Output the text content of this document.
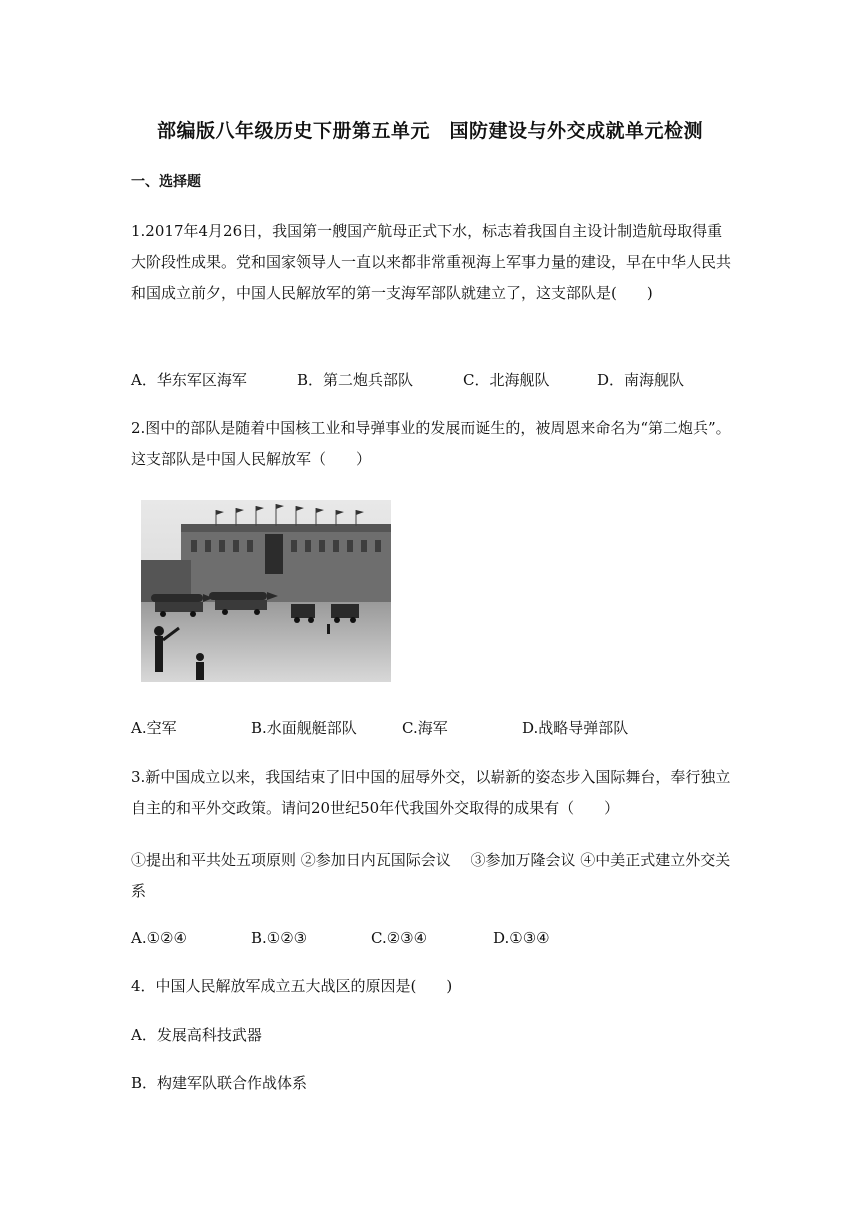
部编版八年级历史下册第五单元　国防建设与外交成就单元检测
一、选择题
1.2017年4月26日，我国第一艘国产航母正式下水，标志着我国自主设计制造航母取得重大阶段性成果。党和国家领导人一直以来都非常重视海上军事力量的建设，早在中华人民共和国成立前夕，中国人民解放军的第一支海军部队就建立了，这支部队是(　　)
A．华东军区海军	B．第二炮兵部队	C．北海舰队	D．南海舰队
2.图中的部队是随着中国核工业和导弹事业的发展而诞生的，被周恩来命名为“第二炮兵”。这支部队是中国人民解放军（　　）
A.空军	B.水面舰艇部队	C.海军	D.战略导弹部队
3.新中国成立以来，我国结束了旧中国的屈辱外交，以崭新的姿态步入国际舞台，奉行独立自主的和平外交政策。请问20世纪50年代我国外交取得的成果有（　　）
①提出和平共处五项原则 ②参加日内瓦国际会议　 ③参加万隆会议 ④中美正式建立外交关系
A.①②④	B.①②③	C.②③④	D.①③④
4．中国人民解放军成立五大战区的原因是(　　)
A．发展高科技武器
B．构建军队联合作战体系
